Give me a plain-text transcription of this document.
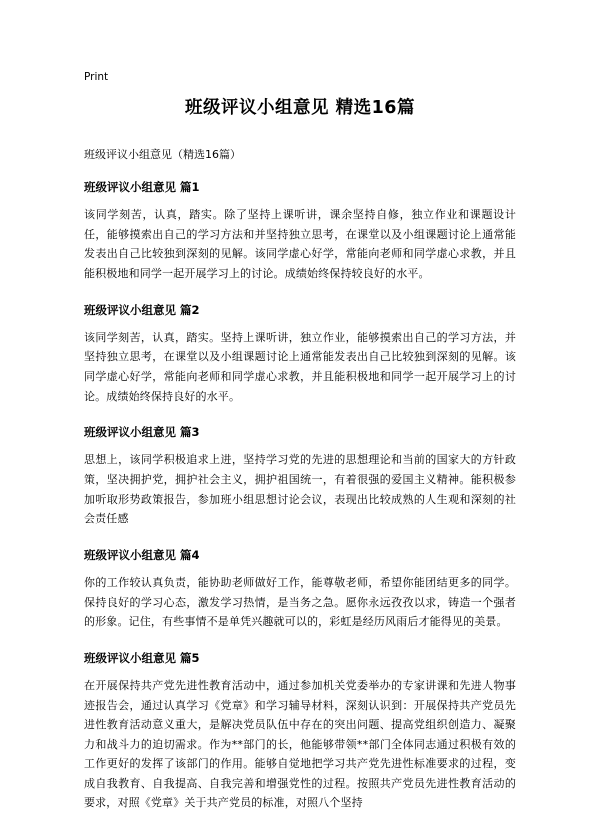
Print
班级评议小组意见 精选16篇

班级评议小组意见（精选16篇）

班级评议小组意见 篇1

该同学刻苦，认真，踏实。除了坚持上课听讲，课余坚持自修，独立作业和课题设计任，能够摸索出自己的学习方法和并坚持独立思考，在课堂以及小组课题讨论上通常能发表出自己比较独到深刻的见解。该同学虚心好学，常能向老师和同学虚心求教，并且能积极地和同学一起开展学习上的讨论。成绩始终保持较良好的水平。

班级评议小组意见 篇2

该同学刻苦，认真，踏实。坚持上课听讲，独立作业，能够摸索出自己的学习方法，并坚持独立思考，在课堂以及小组课题讨论上通常能发表出自己比较独到深刻的见解。该同学虚心好学，常能向老师和同学虚心求教，并且能积极地和同学一起开展学习上的讨论。成绩始终保持良好的水平。

班级评议小组意见 篇3

思想上，该同学积极追求上进，坚持学习党的先进的思想理论和当前的国家大的方针政策，坚决拥护党，拥护社会主义，拥护祖国统一，有着很强的爱国主义精神。能积极参加听取形势政策报告，参加班小组思想讨论会议，表现出比较成熟的人生观和深刻的社会责任感

班级评议小组意见 篇4

你的工作较认真负责，能协助老师做好工作，能尊敬老师，希望你能团结更多的同学。保持良好的学习心态，激发学习热情，是当务之急。愿你永远孜孜以求，铸造一个强者的形象。记住，有些事情不是单凭兴趣就可以的，彩虹是经历风雨后才能得见的美景。

班级评议小组意见 篇5

在开展保持共产党先进性教育活动中，通过参加机关党委举办的专家讲课和先进人物事迹报告会，通过认真学习《党章》和学习辅导材料，深刻认识到：开展保持共产党员先进性教育活动意义重大，是解决党员队伍中存在的突出问题、提高党组织创造力、凝聚力和战斗力的迫切需求。作为**部门的长，他能够带领**部门全体同志通过积极有效的工作更好的发挥了该部门的作用。能够自觉地把学习共产党先进性标准要求的过程，变成自我教育、自我提高、自我完善和增强党性的过程。按照共产党员先进性教育活动的要求，对照《党章》关于共产党员的标准，对照八个坚持
